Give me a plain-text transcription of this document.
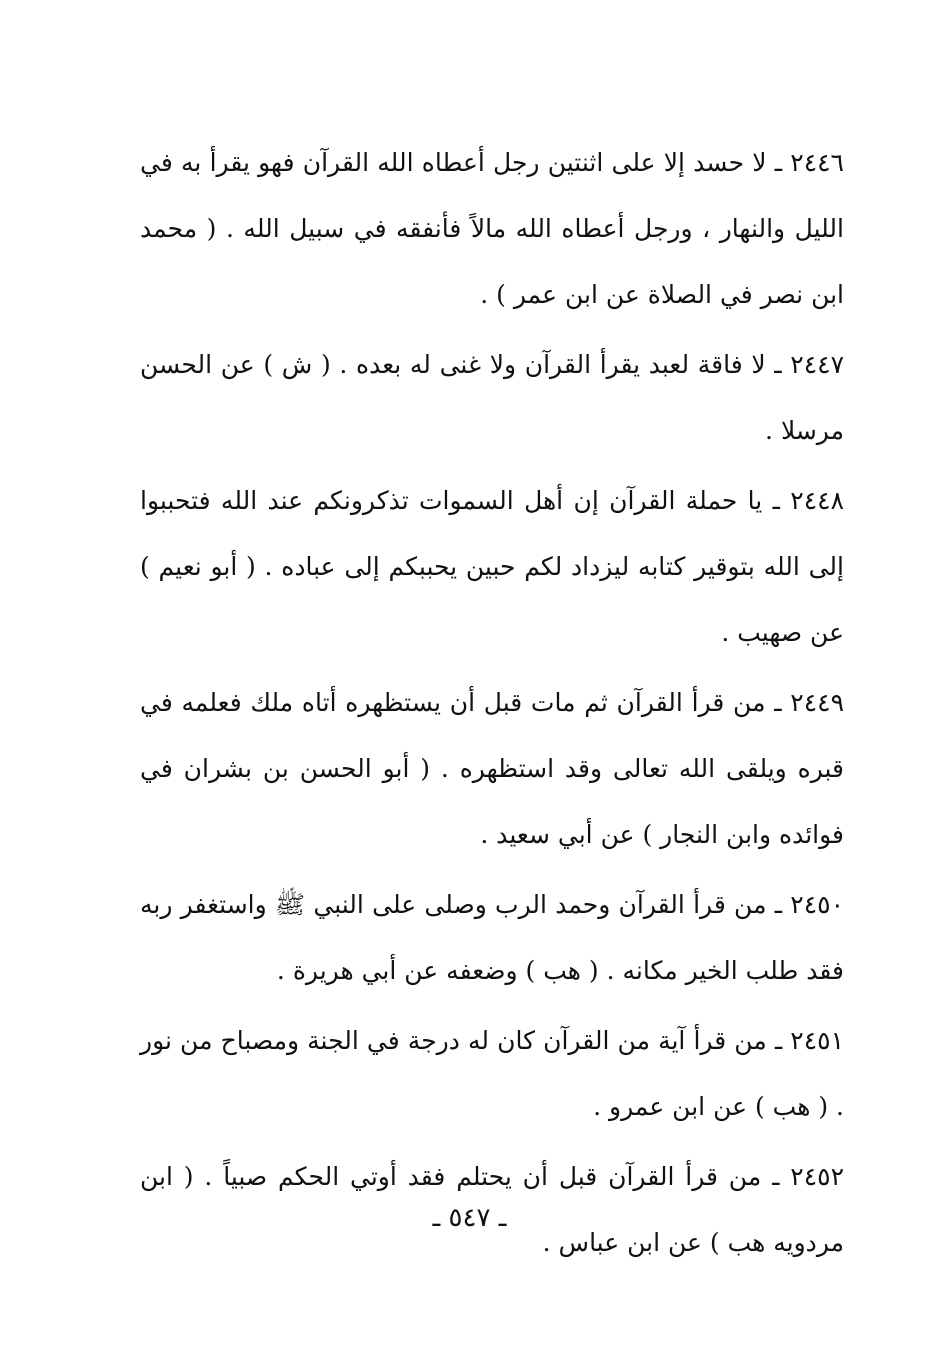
٢٤٤٦ ـ لا حسد إلا على اثنتين رجل أعطاه الله القرآن فهو يقرأ به في الليل والنهار ، ورجل أعطاه الله مالاً فأنفقه في سبيل الله . ( محمد ابن نصر في الصلاة عن ابن عمر ) .

٢٤٤٧ ـ لا فاقة لعبد يقرأ القرآن ولا غنى له بعده . ( ش ) عن الحسن مرسلا .

٢٤٤٨ ـ يا حملة القرآن إن أهل السموات تذكرونكم عند الله فتحببوا إلى الله بتوقير كتابه ليزداد لكم حبين يحببكم إلى عباده . ( أبو نعيم ) عن صهيب .

٢٤٤٩ ـ من قرأ القرآن ثم مات قبل أن يستظهره أتاه ملك فعلمه في قبره ويلقى الله تعالى وقد استظهره . ( أبو الحسن بن بشران في فوائده وابن النجار ) عن أبي سعيد .

٢٤٥٠ ـ من قرأ القرآن وحمد الرب وصلى على النبي ﷺ واستغفر ربه فقد طلب الخير مكانه . ( هب ) وضعفه عن أبي هريرة .

٢٤٥١ ـ من قرأ آية من القرآن كان له درجة في الجنة ومصباح من نور . ( هب ) عن ابن عمرو .

٢٤٥٢ ـ من قرأ القرآن قبل أن يحتلم فقد أوتي الحكم صبياً . ( ابن مردويه هب ) عن ابن عباس .

ـ ٥٤٧ ـ
